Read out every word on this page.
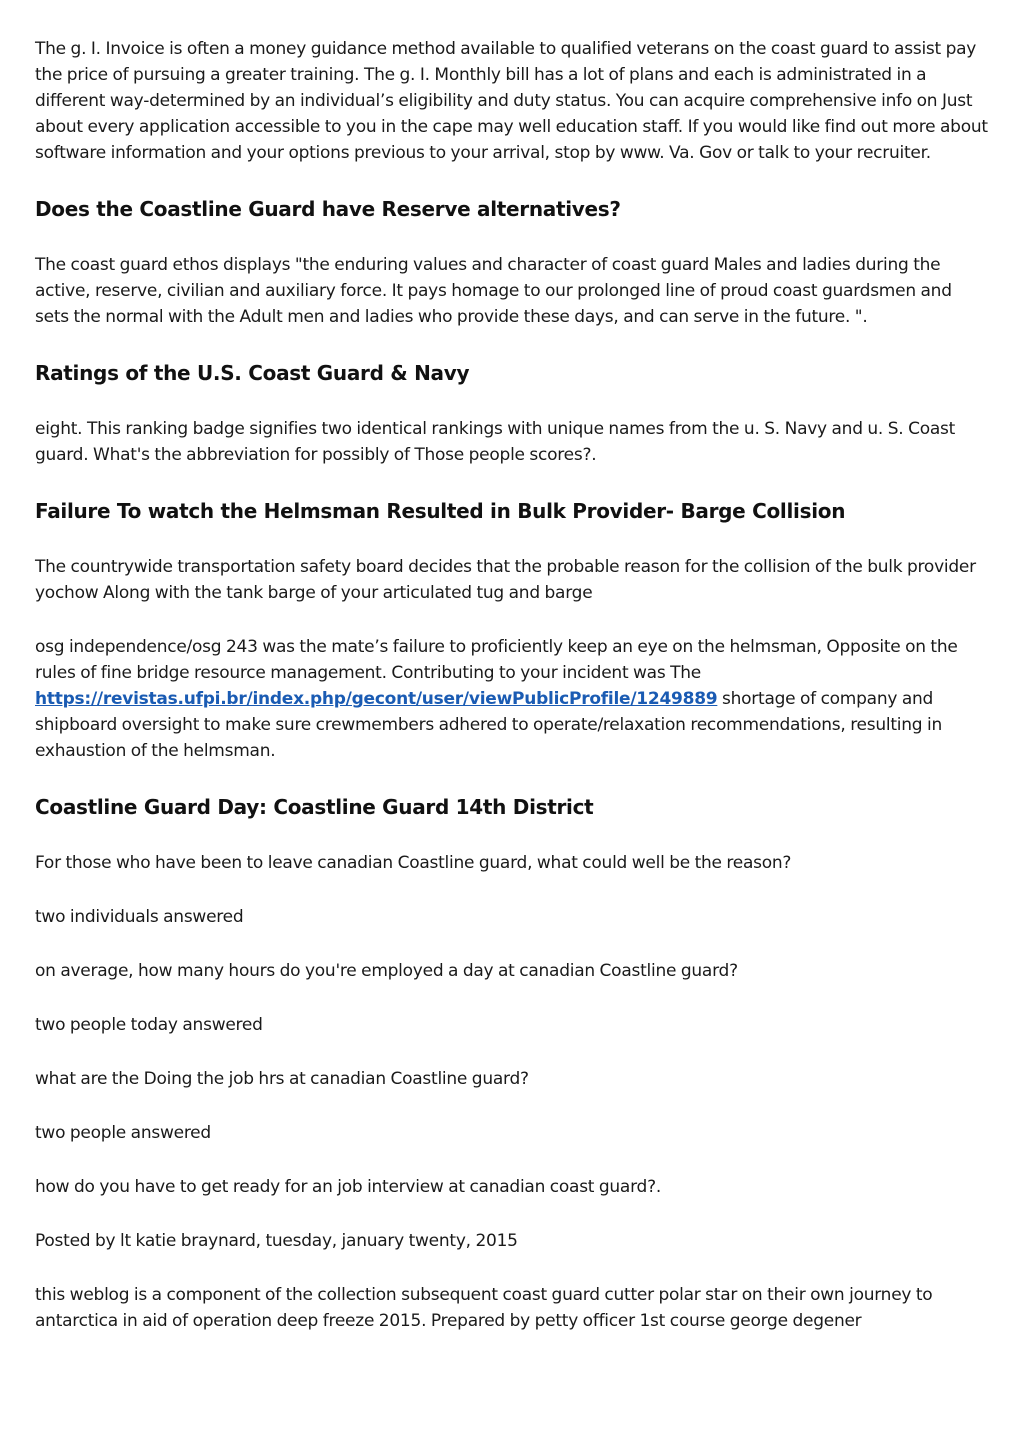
The g. I. Invoice is often a money guidance method available to qualified veterans on the coast guard to assist pay the price of pursuing a greater training. The g. I. Monthly bill has a lot of plans and each is administrated in a different way-determined by an individual’s eligibility and duty status. You can acquire comprehensive info on Just about every application accessible to you in the cape may well education staff. If you would like find out more about software information and your options previous to your arrival, stop by www. Va. Gov or talk to your recruiter.

Does the Coastline Guard have Reserve alternatives?

The coast guard ethos displays "the enduring values and character of coast guard Males and ladies during the active, reserve, civilian and auxiliary force. It pays homage to our prolonged line of proud coast guardsmen and sets the normal with the Adult men and ladies who provide these days, and can serve in the future. ".

Ratings of the U.S. Coast Guard & Navy

eight. This ranking badge signifies two identical rankings with unique names from the u. S. Navy and u. S. Coast guard. What's the abbreviation for possibly of Those people scores?.

Failure To watch the Helmsman Resulted in Bulk Provider- Barge Collision

The countrywide transportation safety board decides that the probable reason for the collision of the bulk provider yochow Along with the tank barge of your articulated tug and barge

osg independence/osg 243 was the mate’s failure to proficiently keep an eye on the helmsman, Opposite on the rules of fine bridge resource management. Contributing to your incident was The
https://revistas.ufpi.br/index.php/gecont/user/viewPublicProfile/1249889 shortage of company and shipboard oversight to make sure crewmembers adhered to operate/relaxation recommendations, resulting in exhaustion of the helmsman.

Coastline Guard Day: Coastline Guard 14th District

For those who have been to leave canadian Coastline guard, what could well be the reason?

two individuals answered

on average, how many hours do you're employed a day at canadian Coastline guard?

two people today answered

what are the Doing the job hrs at canadian Coastline guard?

two people answered

how do you have to get ready for an job interview at canadian coast guard?.

Posted by lt katie braynard, tuesday, january twenty, 2015

this weblog is a component of the collection subsequent coast guard cutter polar star on their own journey to antarctica in aid of operation deep freeze 2015. Prepared by petty officer 1st course george degener
